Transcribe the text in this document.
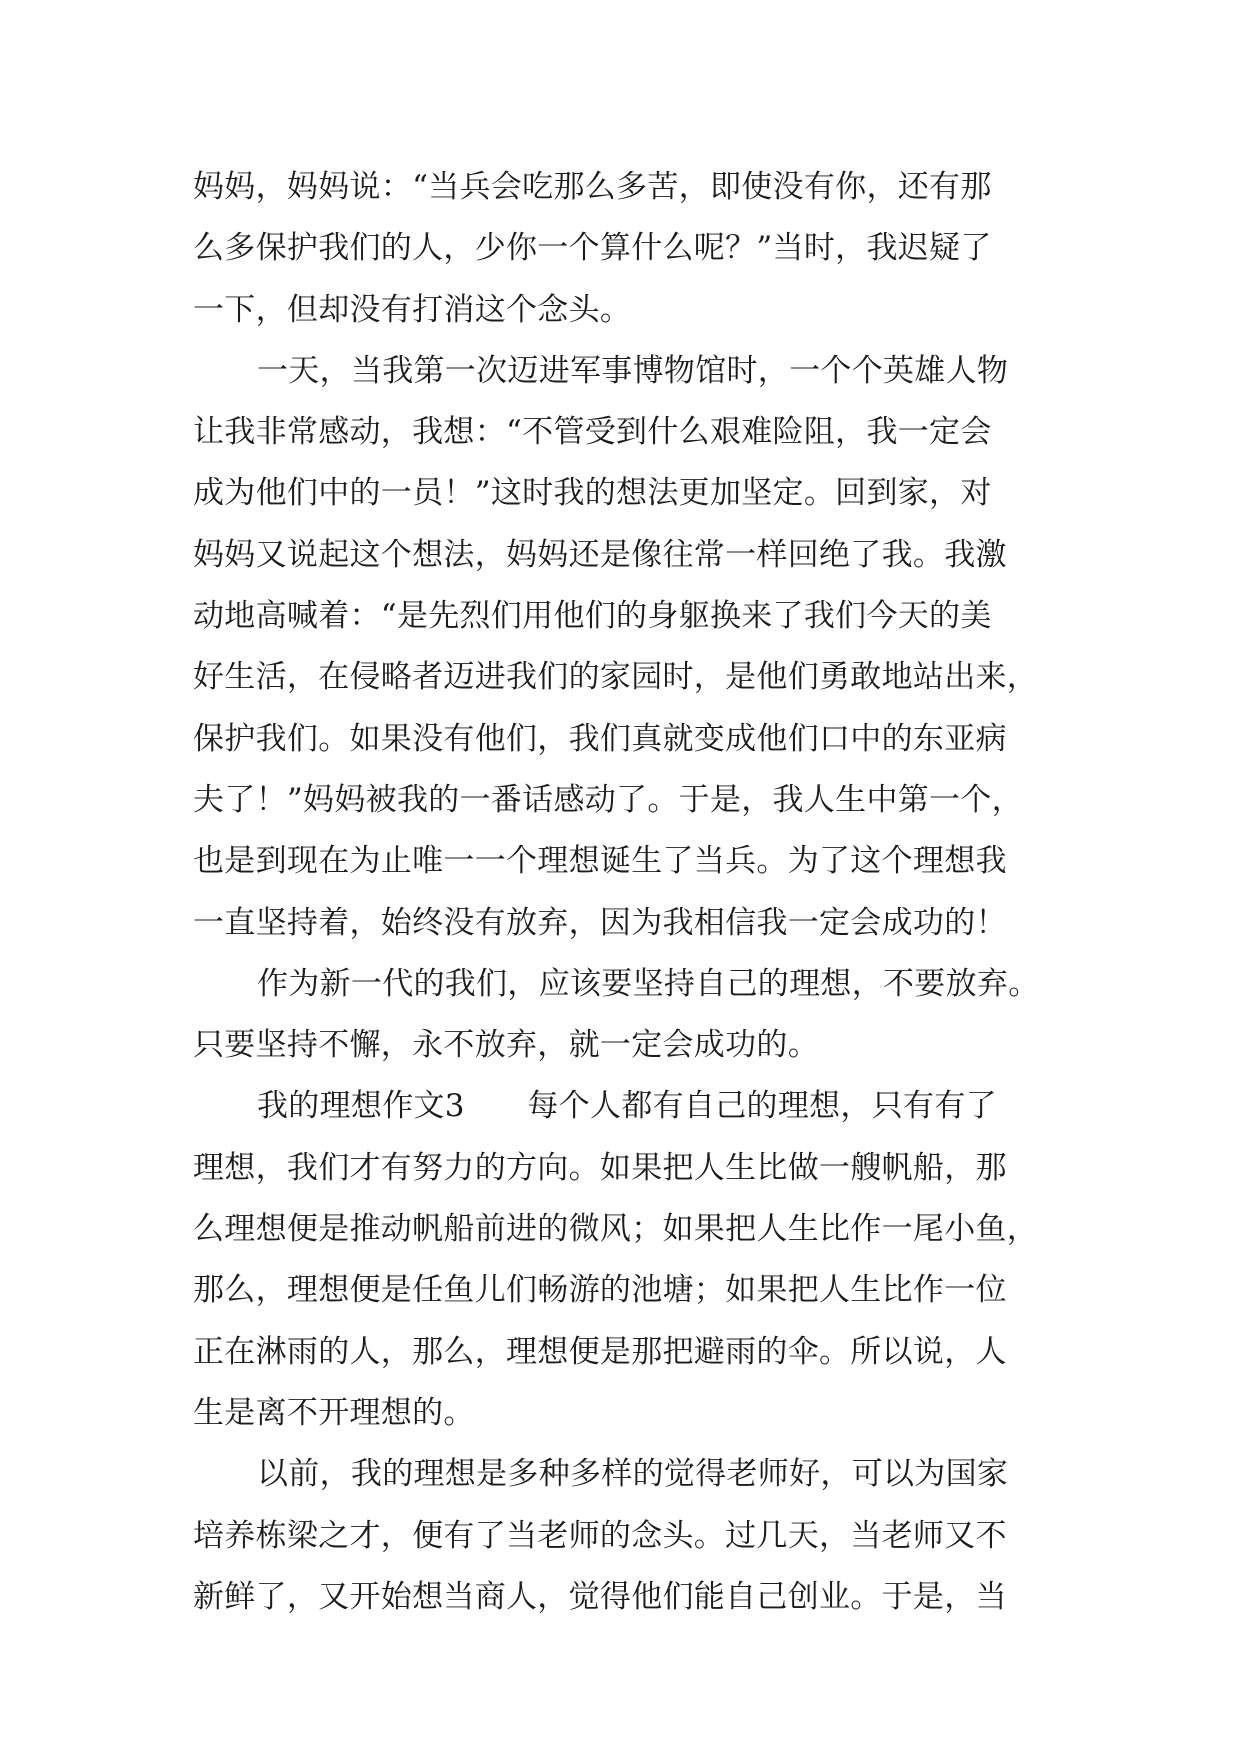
妈妈，妈妈说：“当兵会吃那么多苦，即使没有你，还有那
么多保护我们的人，少你一个算什么呢？”当时，我迟疑了
一下，但却没有打消这个念头。
一天，当我第一次迈进军事博物馆时，一个个英雄人物
让我非常感动，我想：“不管受到什么艰难险阻，我一定会
成为他们中的一员！”这时我的想法更加坚定。回到家，对
妈妈又说起这个想法，妈妈还是像往常一样回绝了我。我激
动地高喊着：“是先烈们用他们的身躯换来了我们今天的美
好生活，在侵略者迈进我们的家园时，是他们勇敢地站出来，
保护我们。如果没有他们，我们真就变成他们口中的东亚病
夫了！”妈妈被我的一番话感动了。于是，我人生中第一个，
也是到现在为止唯一一个理想诞生了当兵。为了这个理想我
一直坚持着，始终没有放弃，因为我相信我一定会成功的！
作为新一代的我们，应该要坚持自己的理想，不要放弃。
只要坚持不懈，永不放弃，就一定会成功的。
我的理想作文3　　每个人都有自己的理想，只有有了
理想，我们才有努力的方向。如果把人生比做一艘帆船，那
么理想便是推动帆船前进的微风；如果把人生比作一尾小鱼，
那么，理想便是任鱼儿们畅游的池塘；如果把人生比作一位
正在淋雨的人，那么，理想便是那把避雨的伞。所以说，人
生是离不开理想的。
以前，我的理想是多种多样的觉得老师好，可以为国家
培养栋梁之才，便有了当老师的念头。过几天，当老师又不
新鲜了，又开始想当商人，觉得他们能自己创业。于是，当
